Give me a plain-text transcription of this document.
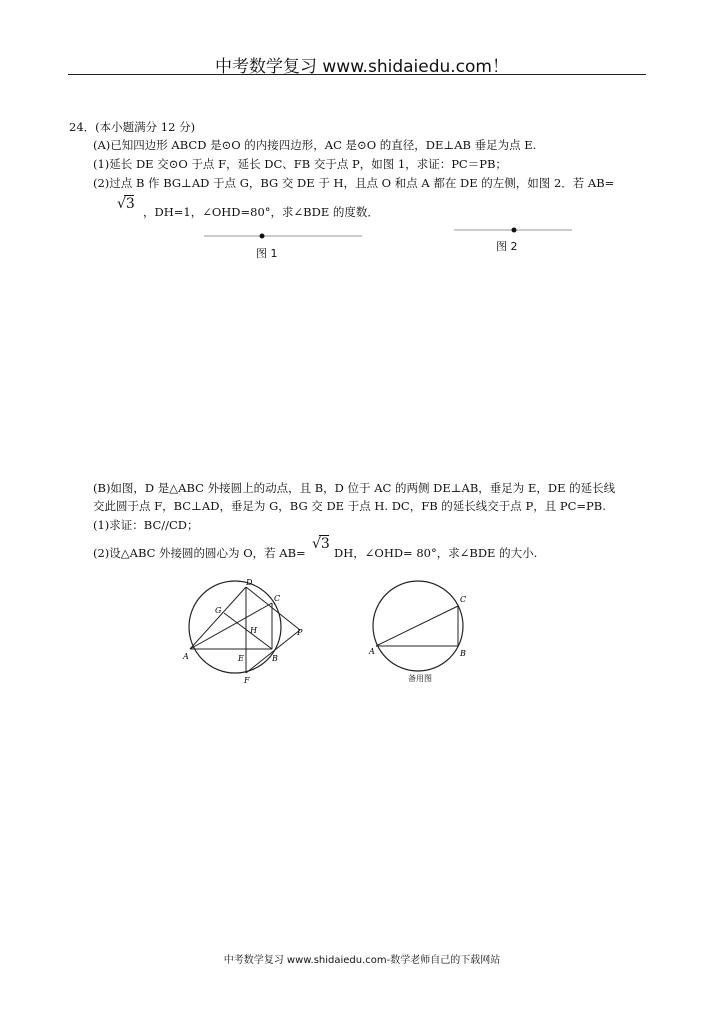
中考数学复习 www.shidaiedu.com！
24．(本小题满分 12 分)
(A)已知四边形 ABCD 是⊙O 的内接四边形，AC 是⊙O 的直径，DE⊥AB 垂足为点 E.
(1)延长 DE 交⊙O 于点 F，延长 DC、FB 交于点 P，如图 1，求证：PC＝PB；
(2)过点 B 作 BG⊥AD 于点 G，BG 交 DE 于 H，且点 O 和点 A 都在 DE 的左侧，如图 2．若 AB=
√3 ，DH=1，∠OHD=80°，求∠BDE 的度数．
图 1
图 2
(B)如图，D 是△ABC 外接圆上的动点，且 B，D 位于 AC 的两侧 DE⊥AB，垂足为 E，DE 的延长线
交此圆于点 F，BC⊥AD，垂足为 G，BG 交 DE 于点 H. DC，FB 的延长线交于点 P，且 PC=PB.
(1)求证：BC//CD；
(2)设△ABC 外接圆的圆心为 O，若 AB=
√3
DH，∠OHD= 80°，求∠BDE 的大小.
D
C
G
H
A	E	B
F
P
C
A	B
备用图
中考数学复习 www.shidaiedu.com-数学老师自己的下载网站
